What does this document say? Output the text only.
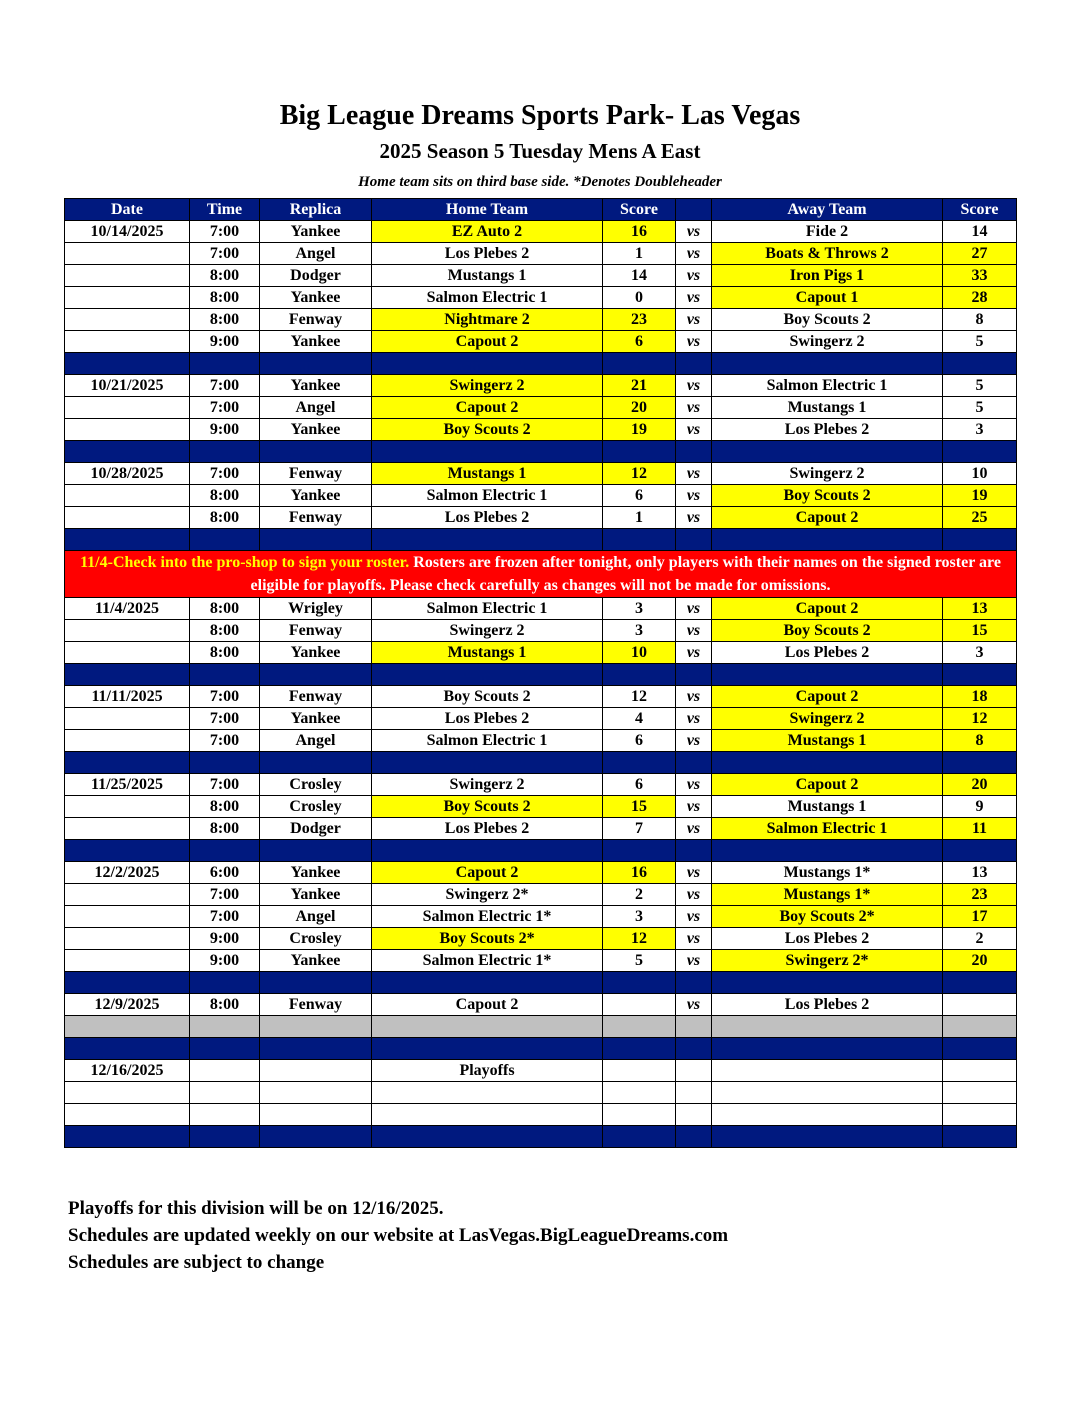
Big League Dreams Sports Park- Las Vegas
2025 Season 5 Tuesday Mens A East
Home team sits on third base side. *Denotes Doubleheader
Date	Time	Replica	Home Team	Score		Away Team	Score
10/14/2025	7:00	Yankee	EZ Auto 2	16	vs	Fide 2	14
	7:00	Angel	Los Plebes 2	1	vs	Boats & Throws 2	27
	8:00	Dodger	Mustangs 1	14	vs	Iron Pigs 1	33
	8:00	Yankee	Salmon Electric 1	0	vs	Capout 1	28
	8:00	Fenway	Nightmare 2	23	vs	Boy Scouts 2	8
	9:00	Yankee	Capout 2	6	vs	Swingerz 2	5

10/21/2025	7:00	Yankee	Swingerz 2	21	vs	Salmon Electric 1	5
	7:00	Angel	Capout 2	20	vs	Mustangs 1	5
	9:00	Yankee	Boy Scouts 2	19	vs	Los Plebes 2	3

10/28/2025	7:00	Fenway	Mustangs 1	12	vs	Swingerz 2	10
	8:00	Yankee	Salmon Electric 1	6	vs	Boy Scouts 2	19
	8:00	Fenway	Los Plebes 2	1	vs	Capout 2	25

11/4-Check into the pro-shop to sign your roster. Rosters are frozen after tonight, only players with their names on the signed roster are eligible for playoffs. Please check carefully as changes will not be made for omissions.							
11/4/2025	8:00	Wrigley	Salmon Electric 1	3	vs	Capout 2	13
	8:00	Fenway	Swingerz 2	3	vs	Boy Scouts 2	15
	8:00	Yankee	Mustangs 1	10	vs	Los Plebes 2	3

11/11/2025	7:00	Fenway	Boy Scouts 2	12	vs	Capout 2	18
	7:00	Yankee	Los Plebes 2	4	vs	Swingerz 2	12
	7:00	Angel	Salmon Electric 1	6	vs	Mustangs 1	8

11/25/2025	7:00	Crosley	Swingerz 2	6	vs	Capout 2	20
	8:00	Crosley	Boy Scouts 2	15	vs	Mustangs 1	9
	8:00	Dodger	Los Plebes 2	7	vs	Salmon Electric 1	11

12/2/2025	6:00	Yankee	Capout 2	16	vs	Mustangs 1*	13
	7:00	Yankee	Swingerz 2*	2	vs	Mustangs 1*	23
	7:00	Angel	Salmon Electric 1*	3	vs	Boy Scouts 2*	17
	9:00	Crosley	Boy Scouts 2*	12	vs	Los Plebes 2	2
	9:00	Yankee	Salmon Electric 1*	5	vs	Swingerz 2*	20

12/9/2025	8:00	Fenway	Capout 2		vs	Los Plebes 2	

12/16/2025			Playoffs				

Playoffs for this division will be on 12/16/2025.
Schedules are updated weekly on our website at LasVegas.BigLeagueDreams.com
Schedules are subject to change
